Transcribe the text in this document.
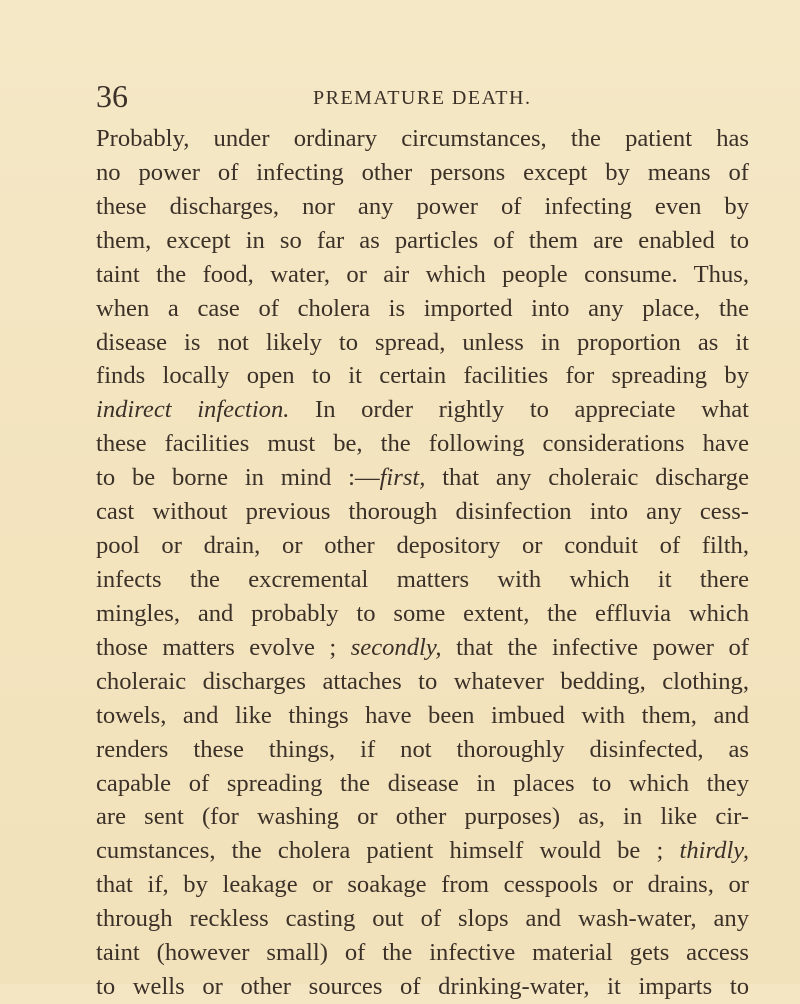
36	PREMATURE DEATH.
Probably, under ordinary circumstances, the patient has
no power of infecting other persons except by means of
these discharges, nor any power of infecting even by
them, except in so far as particles of them are enabled to
taint the food, water, or air which people consume. Thus,
when a case of cholera is imported into any place, the
disease is not likely to spread, unless in proportion as it
finds locally open to it certain facilities for spreading by
indirect infection. In order rightly to appreciate what
these facilities must be, the following considerations have
to be borne in mind :—first, that any choleraic discharge
cast without previous thorough disinfection into any cess-
pool or drain, or other depository or conduit of filth,
infects the excremental matters with which it there
mingles, and probably to some extent, the effluvia which
those matters evolve ; secondly, that the infective power of
choleraic discharges attaches to whatever bedding, clothing,
towels, and like things have been imbued with them, and
renders these things, if not thoroughly disinfected, as
capable of spreading the disease in places to which they
are sent (for washing or other purposes) as, in like cir-
cumstances, the cholera patient himself would be ; thirdly,
that if, by leakage or soakage from cesspools or drains, or
through reckless casting out of slops and wash-water, any
taint (however small) of the infective material gets access
to wells or other sources of drinking-water, it imparts to
